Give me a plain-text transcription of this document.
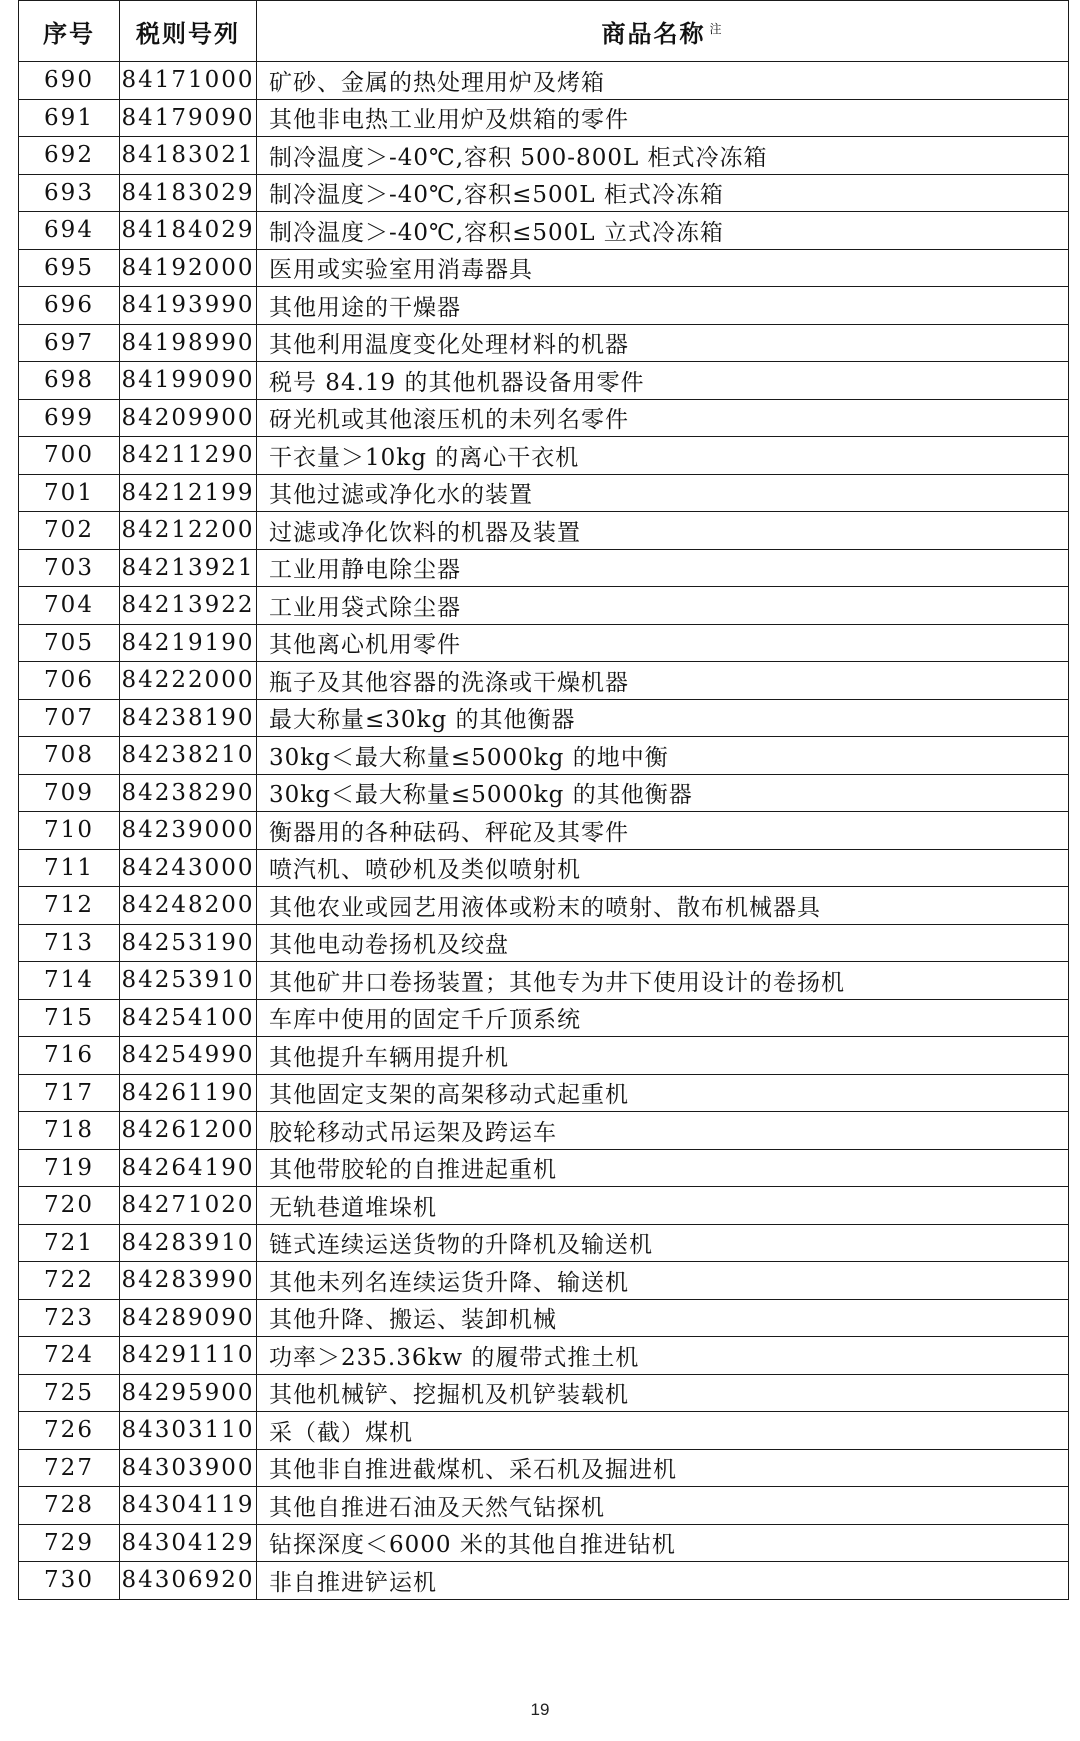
序号	税则号列	商品名称 $^注$
690	84171000	矿砂、金属的热处理用炉及烤箱
691	84179090	其他非电热工业用炉及烘箱的零件
692	84183021	制冷温度＞-40℃,容积 500-800L 柜式冷冻箱
693	84183029	制冷温度＞-40℃,容积≤500L 柜式冷冻箱
694	84184029	制冷温度＞-40℃,容积≤500L 立式冷冻箱
695	84192000	医用或实验室用消毒器具
696	84193990	其他用途的干燥器
697	84198990	其他利用温度变化处理材料的机器
698	84199090	税号 84.19 的其他机器设备用零件
699	84209900	砑光机或其他滚压机的未列名零件
700	84211290	干衣量＞10kg 的离心干衣机
701	84212199	其他过滤或净化水的装置
702	84212200	过滤或净化饮料的机器及装置
703	84213921	工业用静电除尘器
704	84213922	工业用袋式除尘器
705	84219190	其他离心机用零件
706	84222000	瓶子及其他容器的洗涤或干燥机器
707	84238190	最大称量≤30kg 的其他衡器
708	84238210	30kg＜最大称量≤5000kg 的地中衡
709	84238290	30kg＜最大称量≤5000kg 的其他衡器
710	84239000	衡器用的各种砝码、秤砣及其零件
711	84243000	喷汽机、喷砂机及类似喷射机
712	84248200	其他农业或园艺用液体或粉末的喷射、散布机械器具
713	84253190	其他电动卷扬机及绞盘
714	84253910	其他矿井口卷扬装置；其他专为井下使用设计的卷扬机
715	84254100	车库中使用的固定千斤顶系统
716	84254990	其他提升车辆用提升机
717	84261190	其他固定支架的高架移动式起重机
718	84261200	胶轮移动式吊运架及跨运车
719	84264190	其他带胶轮的自推进起重机
720	84271020	无轨巷道堆垛机
721	84283910	链式连续运送货物的升降机及输送机
722	84283990	其他未列名连续运货升降、输送机
723	84289090	其他升降、搬运、装卸机械
724	84291110	功率＞235.36kw 的履带式推土机
725	84295900	其他机械铲、挖掘机及机铲装载机
726	84303110	采（截）煤机
727	84303900	其他非自推进截煤机、采石机及掘进机
728	84304119	其他自推进石油及天然气钻探机
729	84304129	钻探深度＜6000 米的其他自推进钻机
730	84306920	非自推进铲运机
19
